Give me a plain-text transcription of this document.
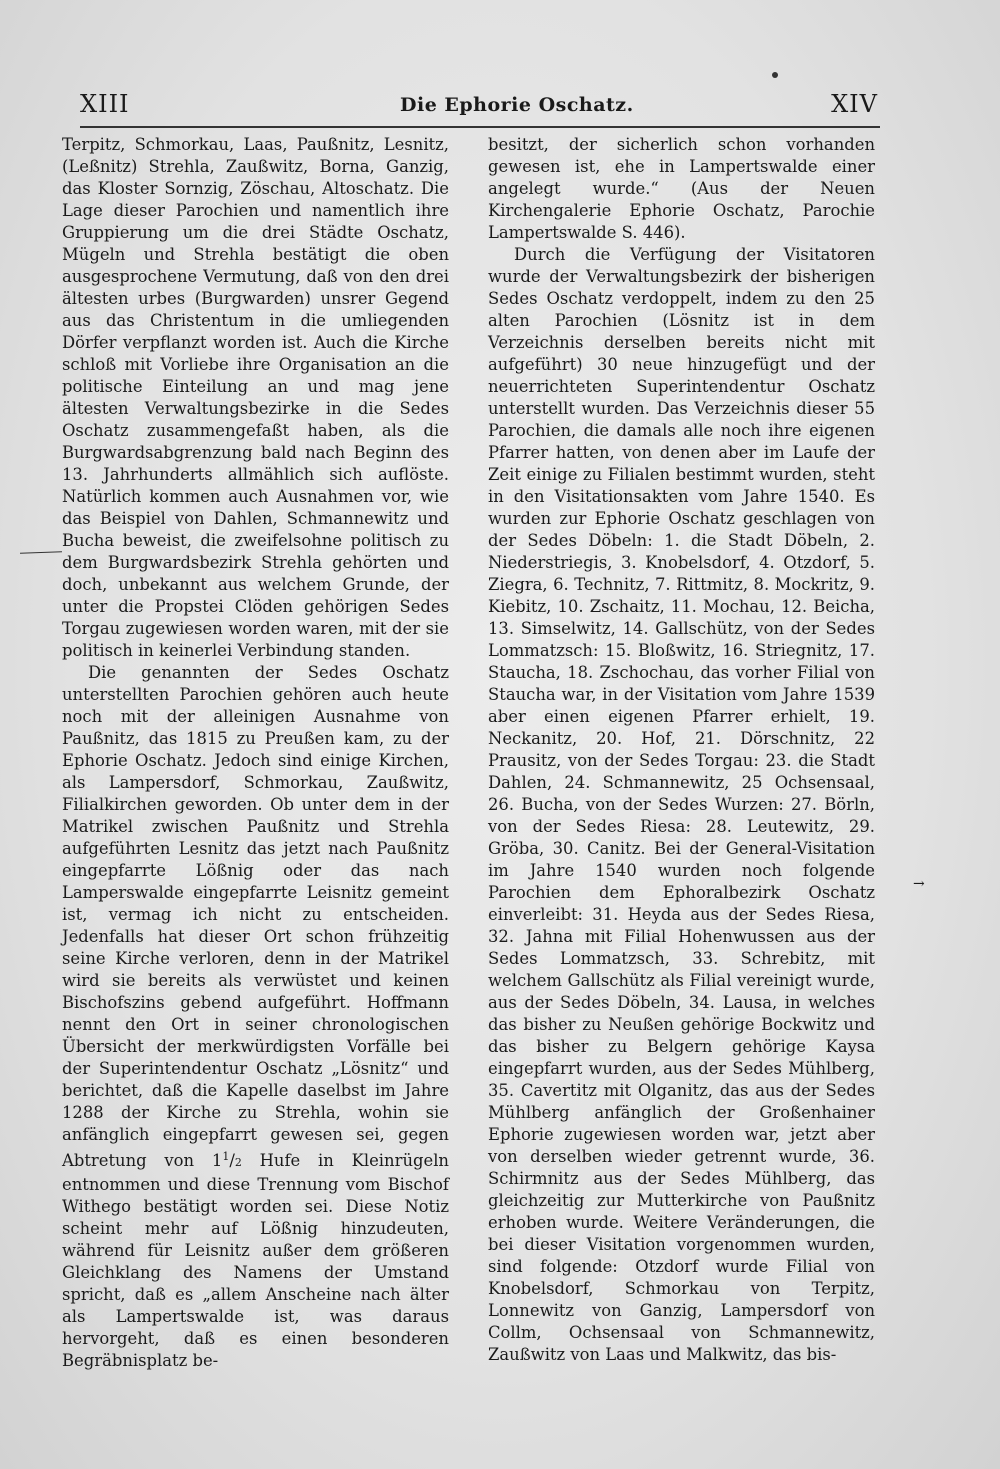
XIII	Die Ephorie Oschatz.	XIV

Terpitz, Schmorkau, Laas, Paußnitz, Lesnitz, (Leßnitz) Strehla, Zaußwitz, Borna, Ganzig, das Kloster Sornzig, Zöschau, Altoschatz. Die Lage dieser Parochien und namentlich ihre Gruppierung um die drei Städte Oschatz, Mügeln und Strehla bestätigt die oben ausgesprochene Vermutung, daß von den drei ältesten urbes (Burgwarden) unsrer Gegend aus das Christentum in die umliegenden Dörfer verpflanzt worden ist. Auch die Kirche schloß mit Vorliebe ihre Organisation an die politische Einteilung an und mag jene ältesten Verwaltungsbezirke in die Sedes Oschatz zusammengefaßt haben, als die Burgwardsabgrenzung bald nach Beginn des 13. Jahrhunderts allmählich sich auflöste. Natürlich kommen auch Ausnahmen vor, wie das Beispiel von Dahlen, Schmannewitz und Bucha beweist, die zweifelsohne politisch zu dem Burgwardsbezirk Strehla gehörten und doch, unbekannt aus welchem Grunde, der unter die Propstei Clöden gehörigen Sedes Torgau zugewiesen worden waren, mit der sie politisch in keinerlei Verbindung standen.

Die genannten der Sedes Oschatz unterstellten Parochien gehören auch heute noch mit der alleinigen Ausnahme von Paußnitz, das 1815 zu Preußen kam, zu der Ephorie Oschatz. Jedoch sind einige Kirchen, als Lampersdorf, Schmorkau, Zaußwitz, Filialkirchen geworden. Ob unter dem in der Matrikel zwischen Paußnitz und Strehla aufgeführten Lesnitz das jetzt nach Paußnitz eingepfarrte Lößnig oder das nach Lamperswalde eingepfarrte Leisnitz gemeint ist, vermag ich nicht zu entscheiden. Jedenfalls hat dieser Ort schon frühzeitig seine Kirche verloren, denn in der Matrikel wird sie bereits als verwüstet und keinen Bischofszins gebend aufgeführt. Hoffmann nennt den Ort in seiner chronologischen Übersicht der merkwürdigsten Vorfälle bei der Superintendentur Oschatz „Lösnitz“ und berichtet, daß die Kapelle daselbst im Jahre 1288 der Kirche zu Strehla, wohin sie anfänglich eingepfarrt gewesen sei, gegen Abtretung von $1^1/2$ Hufe in Kleinrügeln entnommen und diese Trennung vom Bischof Withego bestätigt worden sei. Diese Notiz scheint mehr auf Lößnig hinzudeuten, während für Leisnitz außer dem größeren Gleichklang des Namens der Umstand spricht, daß es „allem Anscheine nach älter als Lampertswalde ist, was daraus hervorgeht, daß es einen besonderen Begräbnisplatz be-

besitzt, der sicherlich schon vorhanden gewesen ist, ehe in Lampertswalde einer angelegt wurde.“ (Aus der Neuen Kirchengalerie Ephorie Oschatz, Parochie Lampertswalde S. 446).

Durch die Verfügung der Visitatoren wurde der Verwaltungsbezirk der bisherigen Sedes Oschatz verdoppelt, indem zu den 25 alten Parochien (Lösnitz ist in dem Verzeichnis derselben bereits nicht mit aufgeführt) 30 neue hinzugefügt und der neuerrichteten Superintendentur Oschatz unterstellt wurden. Das Verzeichnis dieser 55 Parochien, die damals alle noch ihre eigenen Pfarrer hatten, von denen aber im Laufe der Zeit einige zu Filialen bestimmt wurden, steht in den Visitationsakten vom Jahre 1540. Es wurden zur Ephorie Oschatz geschlagen von der Sedes Döbeln: 1. die Stadt Döbeln, 2. Niederstriegis, 3. Knobelsdorf, 4. Otzdorf, 5. Ziegra, 6. Technitz, 7. Rittmitz, 8. Mockritz, 9. Kiebitz, 10. Zschaitz, 11. Mochau, 12. Beicha, 13. Simselwitz, 14. Gallschütz, von der Sedes Lommatzsch: 15. Bloßwitz, 16. Striegnitz, 17. Staucha, 18. Zschochau, das vorher Filial von Staucha war, in der Visitation vom Jahre 1539 aber einen eigenen Pfarrer erhielt, 19. Neckanitz, 20. Hof, 21. Dörschnitz, 22 Prausitz, von der Sedes Torgau: 23. die Stadt Dahlen, 24. Schmannewitz, 25 Ochsensaal, 26. Bucha, von der Sedes Wurzen: 27. Börln, von der Sedes Riesa: 28. Leutewitz, 29. Gröba, 30. Canitz. Bei der General-Visitation im Jahre 1540 wurden noch folgende Parochien dem Ephoralbezirk Oschatz einverleibt: 31. Heyda aus der Sedes Riesa, 32. Jahna mit Filial Hohenwussen aus der Sedes Lommatzsch, 33. Schrebitz, mit welchem Gallschütz als Filial vereinigt wurde, aus der Sedes Döbeln, 34. Lausa, in welches das bisher zu Neußen gehörige Bockwitz und das bisher zu Belgern gehörige Kaysa eingepfarrt wurden, aus der Sedes Mühlberg, 35. Cavertitz mit Olganitz, das aus der Sedes Mühlberg anfänglich der Großenhainer Ephorie zugewiesen worden war, jetzt aber von derselben wieder getrennt wurde, 36. Schirmnitz aus der Sedes Mühlberg, das gleichzeitig zur Mutterkirche von Paußnitz erhoben wurde. Weitere Veränderungen, die bei dieser Visitation vorgenommen wurden, sind folgende: Otzdorf wurde Filial von Knobelsdorf, Schmorkau von Terpitz, Lonnewitz von Ganzig, Lampersdorf von Collm, Ochsensaal von Schmannewitz, Zaußwitz von Laas und Malkwitz, das bis-

→
